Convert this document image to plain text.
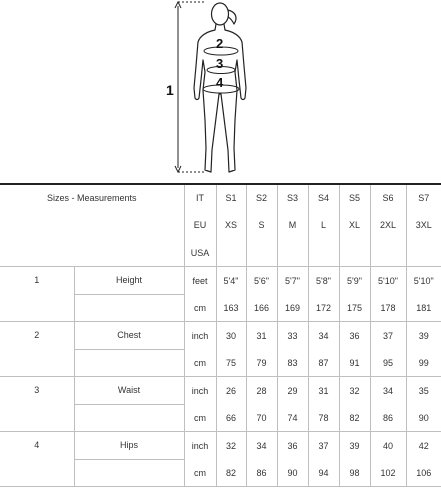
1
2
3
4
Sizes - Measurements		IT	S1	S2	S3	S4	S5	S6	S7
		EU	XS	S	M	L	XL	2XL	3XL
		USA							
1	Height	feet	5'4"	5'6"	5'7"	5'8"	5'9"	5'10"	5'10"
		cm	163	166	169	172	175	178	181
2	Chest	inch	30	31	33	34	36	37	39
		cm	75	79	83	87	91	95	99
3	Waist	inch	26	28	29	31	32	34	35
		cm	66	70	74	78	82	86	90
4	Hips	inch	32	34	36	37	39	40	42
		cm	82	86	90	94	98	102	106
